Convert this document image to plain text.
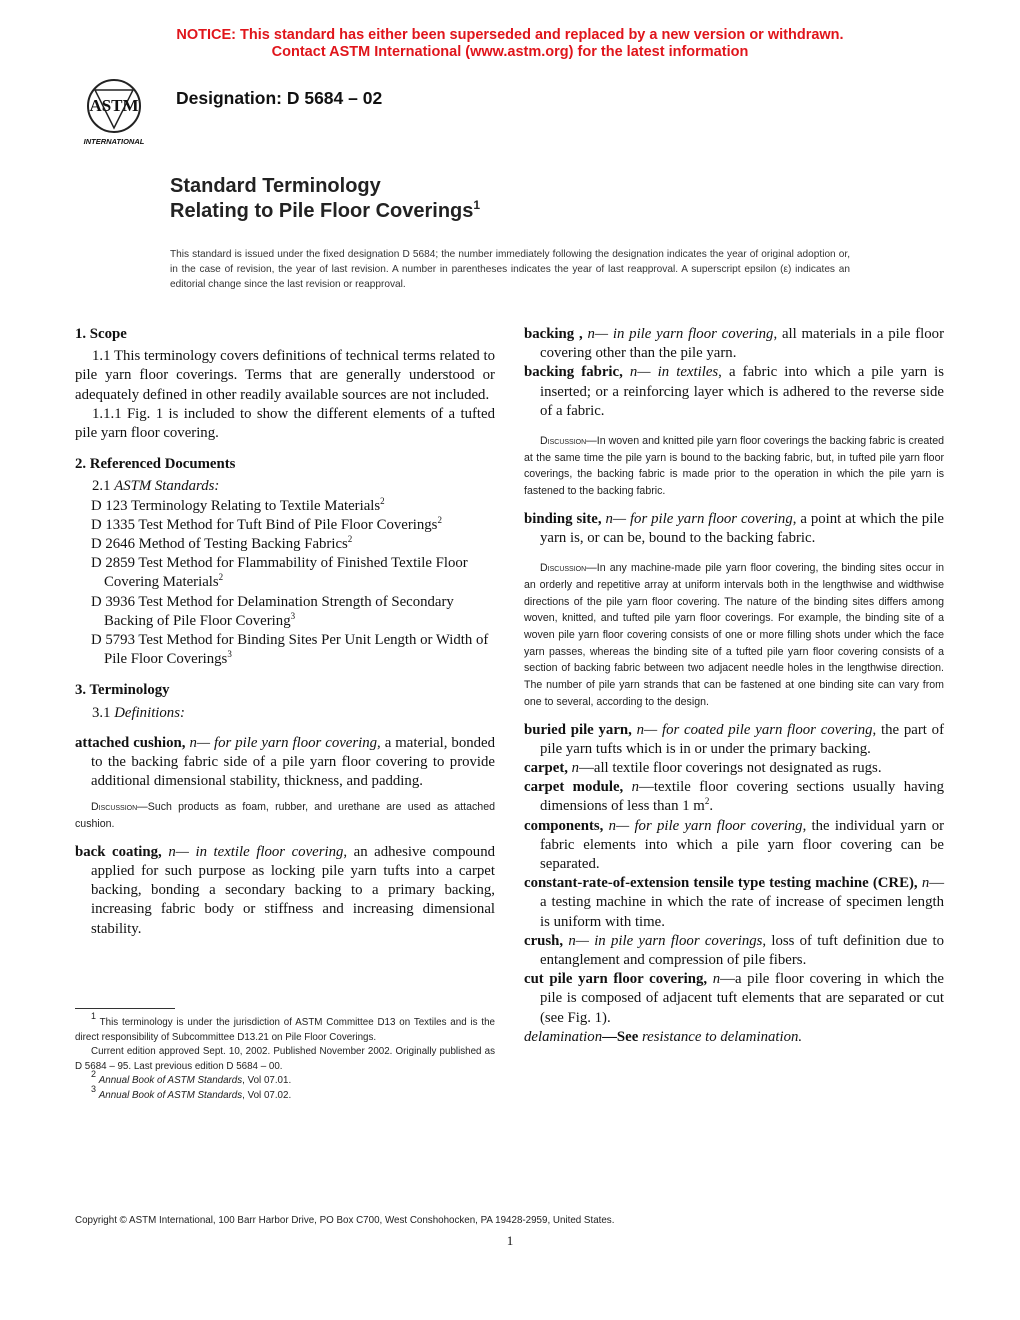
NOTICE: This standard has either been superseded and replaced by a new version or withdrawn.
Contact ASTM International (www.astm.org) for the latest information
ASTM
INTERNATIONAL
Designation: D 5684 – 02
Standard Terminology
Relating to Pile Floor Coverings$^1$
This standard is issued under the fixed designation D 5684; the number immediately following the designation indicates the year of original adoption or, in the case of revision, the year of last revision. A number in parentheses indicates the year of last reapproval. A superscript epsilon (ε) indicates an editorial change since the last revision or reapproval.
1. Scope

1.1 This terminology covers definitions of technical terms related to pile yarn floor coverings. Terms that are generally understood or adequately defined in other readily available sources are not included.

1.1.1 Fig. 1 is included to show the different elements of a tufted pile yarn floor covering.

2. Referenced Documents

2.1 ASTM Standards:

D 123 Terminology Relating to Textile Materials$^2$

D 1335 Test Method for Tuft Bind of Pile Floor Coverings$^2$

D 2646 Method of Testing Backing Fabrics$^2$

D 2859 Test Method for Flammability of Finished Textile Floor Covering Materials$^2$

D 3936 Test Method for Delamination Strength of Secondary Backing of Pile Floor Covering$^3$

D 5793 Test Method for Binding Sites Per Unit Length or Width of Pile Floor Coverings$^3$

3. Terminology

3.1 Definitions:

attached cushion, n— for pile yarn floor covering, a material, bonded to the backing fabric side of a pile yarn floor covering to provide additional dimensional stability, thickness, and padding.

Discussion—Such products as foam, rubber, and urethane are used as attached cushion.

back coating, n— in textile floor covering, an adhesive compound applied for such purpose as locking pile yarn tufts into a carpet backing, bonding a secondary backing to a primary backing, increasing fabric body or stiffness and increasing dimensional stability.

backing , n— in pile yarn floor covering, all materials in a pile floor covering other than the pile yarn.

backing fabric, n— in textiles, a fabric into which a pile yarn is inserted; or a reinforcing layer which is adhered to the reverse side of a fabric.

Discussion—In woven and knitted pile yarn floor coverings the backing fabric is created at the same time the pile yarn is bound to the backing fabric, but, in tufted pile yarn floor coverings, the backing fabric is made prior to the operation in which the pile yarn is fastened to the backing fabric.

binding site, n— for pile yarn floor covering, a point at which the pile yarn is, or can be, bound to the backing fabric.

Discussion—In any machine-made pile yarn floor covering, the binding sites occur in an orderly and repetitive array at uniform intervals both in the lengthwise and widthwise directions of the pile yarn floor covering. The nature of the binding sites differs among woven, knitted, and tufted pile yarn floor coverings. For example, the binding site of a woven pile yarn floor covering consists of one or more filling shots under which the face yarn passes, whereas the binding site of a tufted pile yarn floor covering consists of a section of backing fabric between two adjacent needle holes in the lengthwise direction. The number of pile yarn strands that can be fastened at one binding site can vary from one to several, according to the design.

buried pile yarn, n— for coated pile yarn floor covering, the part of pile yarn tufts which is in or under the primary backing.

carpet, n—all textile floor coverings not designated as rugs.

carpet module, n—textile floor covering sections usually having dimensions of less than 1 $m^2$.

components, n— for pile yarn floor covering, the individual yarn or fabric elements into which a pile yarn floor covering can be separated.

constant-rate-of-extension tensile type testing machine (CRE), n— a testing machine in which the rate of increase of specimen length is uniform with time.

crush, n— in pile yarn floor coverings, loss of tuft definition due to entanglement and compression of pile fibers.

cut pile yarn floor covering, n—a pile floor covering in which the pile is composed of adjacent tuft elements that are separated or cut (see Fig. 1).

delamination—See resistance to delamination.

$^1$ This terminology is under the jurisdiction of ASTM Committee D13 on Textiles and is the direct responsibility of Subcommittee D13.21 on Pile Floor Coverings.

Current edition approved Sept. 10, 2002. Published November 2002. Originally published as D 5684 – 95. Last previous edition D 5684 – 00.

$^2$ Annual Book of ASTM Standards, Vol 07.01.

$^3$ Annual Book of ASTM Standards, Vol 07.02.

Copyright © ASTM International, 100 Barr Harbor Drive, PO Box C700, West Conshohocken, PA 19428-2959, United States.
1
